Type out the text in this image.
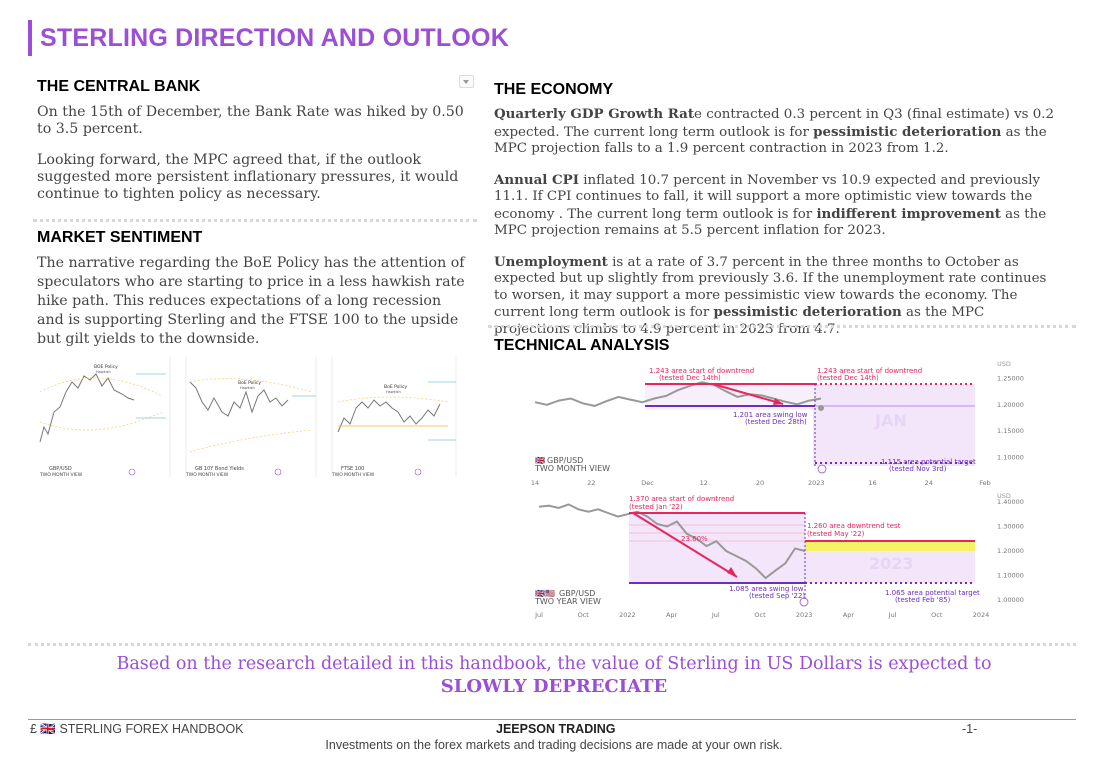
STERLING DIRECTION AND OUTLOOK
THE CENTRAL BANK

On the 15th of December, the Bank Rate was hiked by 0.50 to 3.5 percent.

Looking forward, the MPC agreed that, if the outlook suggested more persistent inflationary pressures, it would continue to tighten policy as necessary.

MARKET SENTIMENT

The narrative regarding the BoE Policy has the attention of speculators who are starting to price in a less hawkish rate hike path. This reduces expectations of a long recession and is supporting Sterling and the FTSE 100 to the upside but gilt yields to the downside.

BOE Policy
Hawkish
GBP/USD
TWO MONTH VIEW
BoE Policy
Hawkish
GB 10Y Bond Yields
TWO MONTH VIEW
BoE Policy
Hawkish
FTSE 100
TWO MONTH VIEW
THE ECONOMY

Quarterly GDP Growth Rate contracted 0.3 percent in Q3 (final estimate) vs 0.2 expected. The current long term outlook is for pessimistic deterioration as the MPC projection falls to a 1.9 percent contraction in 2023 from 1.2.

Annual CPI inflated 10.7 percent in November vs 10.9 expected and previously 11.1. If CPI continues to fall, it will support a more optimistic view towards the economy . The current long term outlook is for indifferent improvement as the MPC projection remains at 5.5 percent inflation for 2023.

Unemployment is at a rate of 3.7 percent in the three months to October as expected but up slightly from previously 3.6. If the unemployment rate continues to worsen, it may support a more pessimistic view towards the economy. The current long term outlook is for pessimistic deterioration as the MPC projections climbs to 4.9 percent in 2023 from 4.7.

TECHNICAL ANALYSIS
JAN
1.25000
1.20000
1.15000
1.10000
14	22	Dec	12	20	2023	16	24	Feb
1.243 area start of downtrend
(tested Dec 14th)
1.243 area start of downtrend
(tested Dec 14th)
1.201 area swing low
(tested Dec 28th)
1.115 area potential target
(tested Nov 3rd)
USD
GBP/USD
TWO MONTH VIEW
🇬🇧
2023
1.40000
1.30000
1.20000
1.10000
1.00000
Jul	Oct	2022	Apr	Jul	Oct	2023	Apr	Jul	Oct	2024
23.60%
1.370 area start of downtrend
(tested Jan '22)
1.260 area downtrend test
(tested May '22)
1.085 area swing low
(tested Sep '22)	1.065 area potential target
(tested Feb '85)
USD
GBP/USD
TWO YEAR VIEW
🇬🇧🇺🇸
Based on the research detailed in this handbook, the value of Sterling in US Dollars is expected to
SLOWLY DEPRECIATE
£ 🇬🇧 STERLING FOREX HANDBOOK	JEEPSON TRADING	-1-
Investments on the forex markets and trading decisions are made at your own risk.
